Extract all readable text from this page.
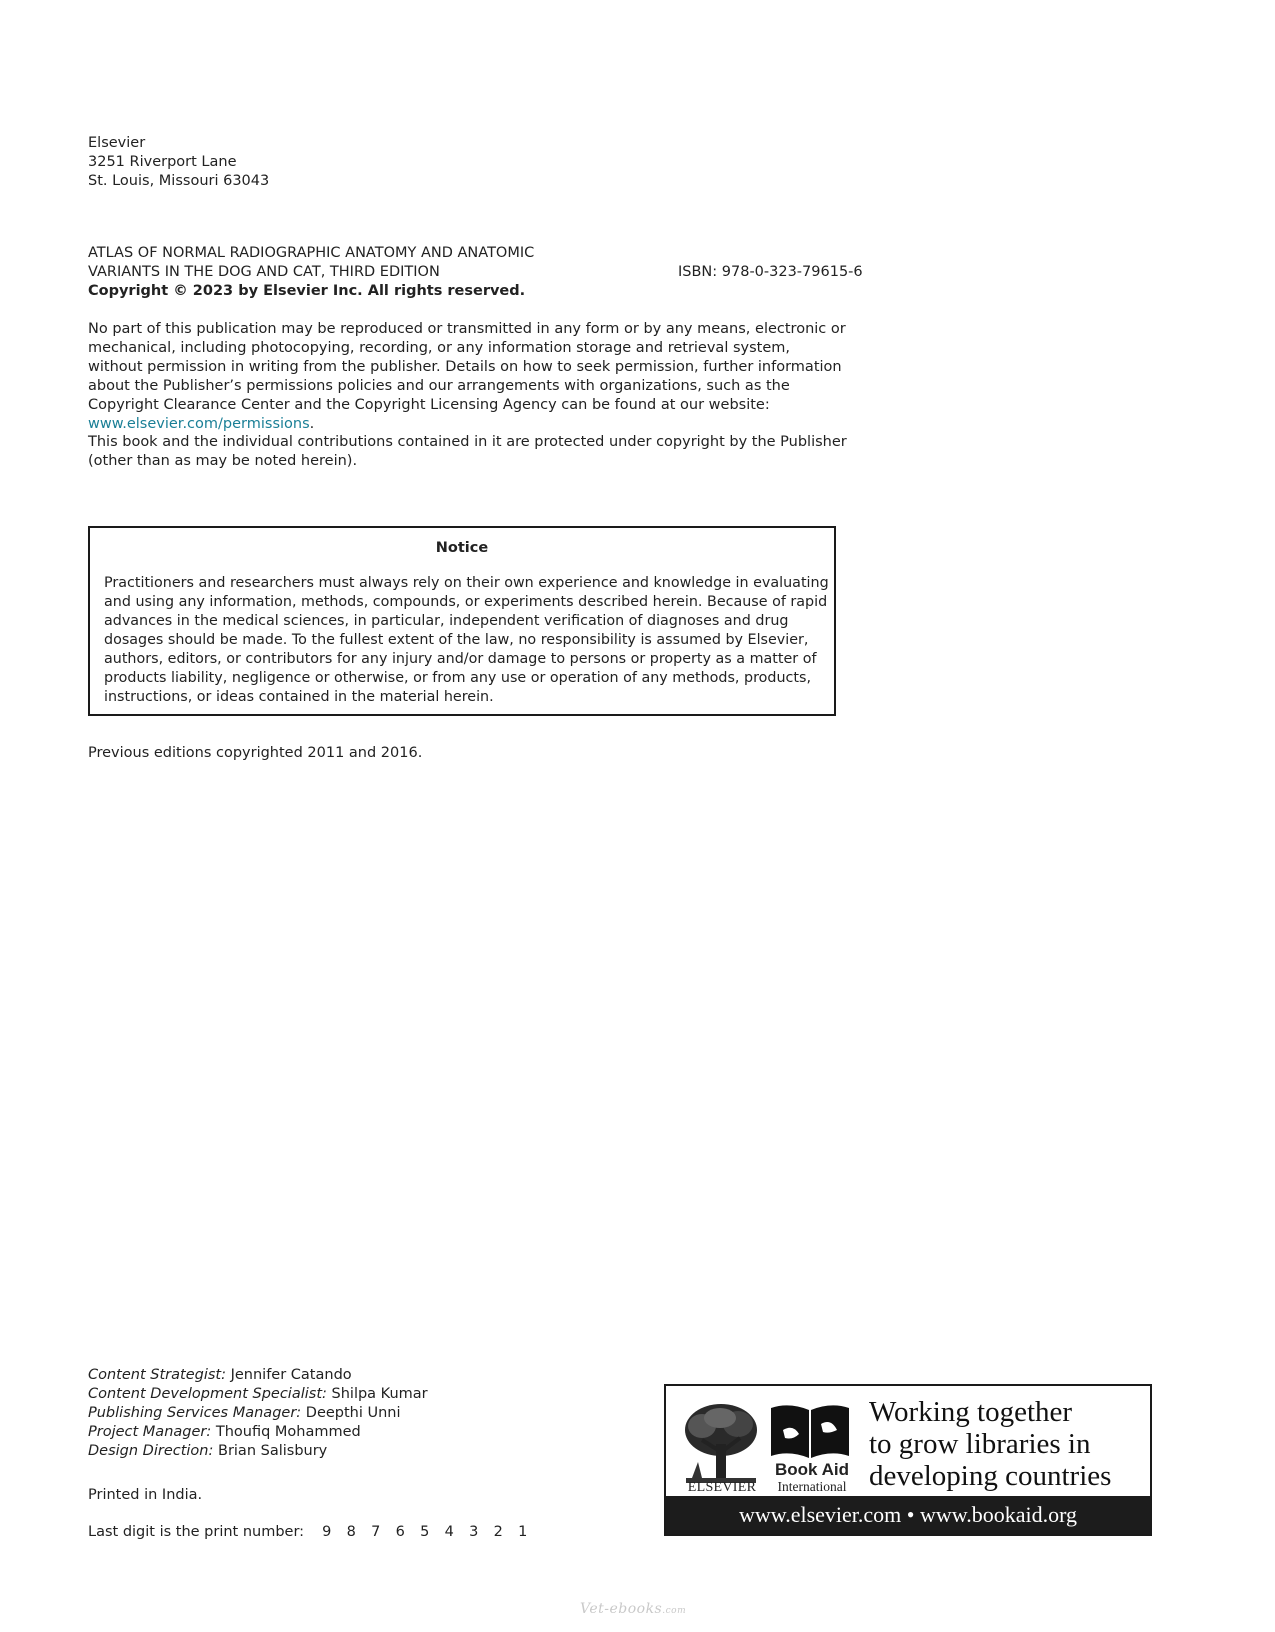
Elsevier
3251 Riverport Lane
St. Louis, Missouri 63043
ATLAS OF NORMAL RADIOGRAPHIC ANATOMY AND ANATOMIC
VARIANTS IN THE DOG AND CAT, THIRD EDITION
Copyright © 2023 by Elsevier Inc. All rights reserved.
ISBN: 978-0-323-79615-6
No part of this publication may be reproduced or transmitted in any form or by any means, electronic or mechanical, including photocopying, recording, or any information storage and retrieval system, without permission in writing from the publisher. Details on how to seek permission, further information about the Publisher’s permissions policies and our arrangements with organizations, such as the Copyright Clearance Center and the Copyright Licensing Agency can be found at our website: www.elsevier.com/permissions.
This book and the individual contributions contained in it are protected under copyright by the Publisher (other than as may be noted herein).
Notice
Practitioners and researchers must always rely on their own experience and knowledge in evaluating and using any information, methods, compounds, or experiments described herein. Because of rapid advances in the medical sciences, in particular, independent verification of diagnoses and drug dosages should be made. To the fullest extent of the law, no responsibility is assumed by Elsevier, authors, editors, or contributors for any injury and/or damage to persons or property as a matter of products liability, negligence or otherwise, or from any use or operation of any methods, products, instructions, or ideas contained in the material herein.
Previous editions copyrighted 2011 and 2016.
Content Strategist: Jennifer Catando
Content Development Specialist: Shilpa Kumar
Publishing Services Manager: Deepthi Unni
Project Manager: Thoufiq Mohammed
Design Direction: Brian Salisbury
Printed in India.
Last digit is the print number: 9 8 7 6 5 4 3 2 1
ELSEVIER
Book Aid
International
Working together
to grow libraries in
developing countries
www.elsevier.com • www.bookaid.org
Vet-ebooks.com
